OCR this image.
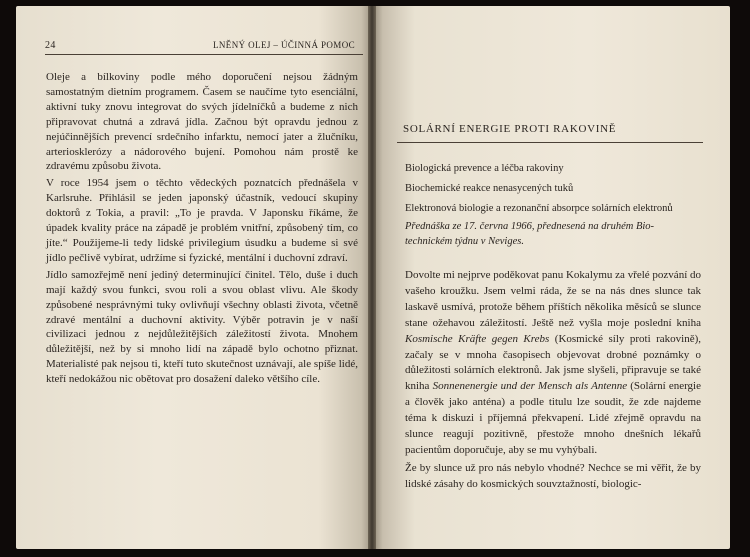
24	LNĚNÝ OLEJ – ÚČINNÁ POMOC

Oleje a bílkoviny podle mého doporučení nejsou žádným samostatným dietním programem. Časem se naučíme tyto esenciální, aktivní tuky znovu integrovat do svých jídelníčků a budeme z nich připravovat chutná a zdravá jídla. Začnou být opravdu jednou z nejúčinnějších prevencí srdečního infarktu, nemocí jater a žlučníku, arteriosklerózy a nádorového bujení. Pomohou nám prostě ke zdravému způsobu života.

V roce 1954 jsem o těchto vědeckých poznatcích přednášela v Karlsruhe. Přihlásil se jeden japonský účastník, vedoucí skupiny doktorů z Tokia, a pravil: „To je pravda. V Japonsku říkáme, že úpadek kvality práce na západě je problém vnitřní, způsobený tím, co jíte.“ Použijeme-li tedy lidské privilegium úsudku a budeme si své jídlo pečlivě vybírat, udržíme si fyzické, mentální i duchovní zdraví.

Jídlo samozřejmě není jediný determinující činitel. Tělo, duše i duch mají každý svou funkci, svou roli a svou oblast vlivu. Ale škody způsobené nesprávnými tuky ovlivňují všechny oblasti života, včetně zdravé mentální a duchovní aktivity. Výběr potravin je v naší civilizaci jednou z nejdůležitějších záležitostí života. Mnohem důležitější, než by si mnoho lidí na západě bylo ochotno přiznat. Materialisté pak nejsou ti, kteří tuto skutečnost uznávají, ale spíše lidé, kteří nedokážou nic obětovat pro dosažení daleko většího cíle.

SOLÁRNÍ ENERGIE PROTI RAKOVINĚ
Biologická prevence a léčba rakoviny
Biochemické reakce nenasycených tuků
Elektronová biologie a rezonanční absorpce solárních elektronů
Přednáška ze 17. června 1966, přednesená na druhém Bio-technickém týdnu v Neviges.

Dovolte mi nejprve poděkovat panu Kokalymu za vřelé pozvání do vašeho kroužku. Jsem velmi ráda, že se na nás dnes slunce tak laskavě usmívá, protože během příštích několika měsíců se slunce stane ožehavou záležitostí. Ještě než vyšla moje poslední kniha Kosmische Kräfte gegen Krebs (Kosmické síly proti rakovině), začaly se v mnoha časopisech objevovat drobné poznámky o důležitosti solárních elektronů. Jak jsme slyšeli, připravuje se také kniha Sonnenenergie und der Mensch als Antenne (Solární energie a člověk jako anténa) a podle titulu lze soudit, že zde najdeme téma k diskuzi i příjemná překvapení. Lidé zřejmě opravdu na slunce reagují pozitivně, přestože mnoho dnešních lékařů pacientům doporučuje, aby se mu vyhýbali.

Že by slunce už pro nás nebylo vhodné? Nechce se mi věřit, že by lidské zásahy do kosmických souvztažností, biologic-
